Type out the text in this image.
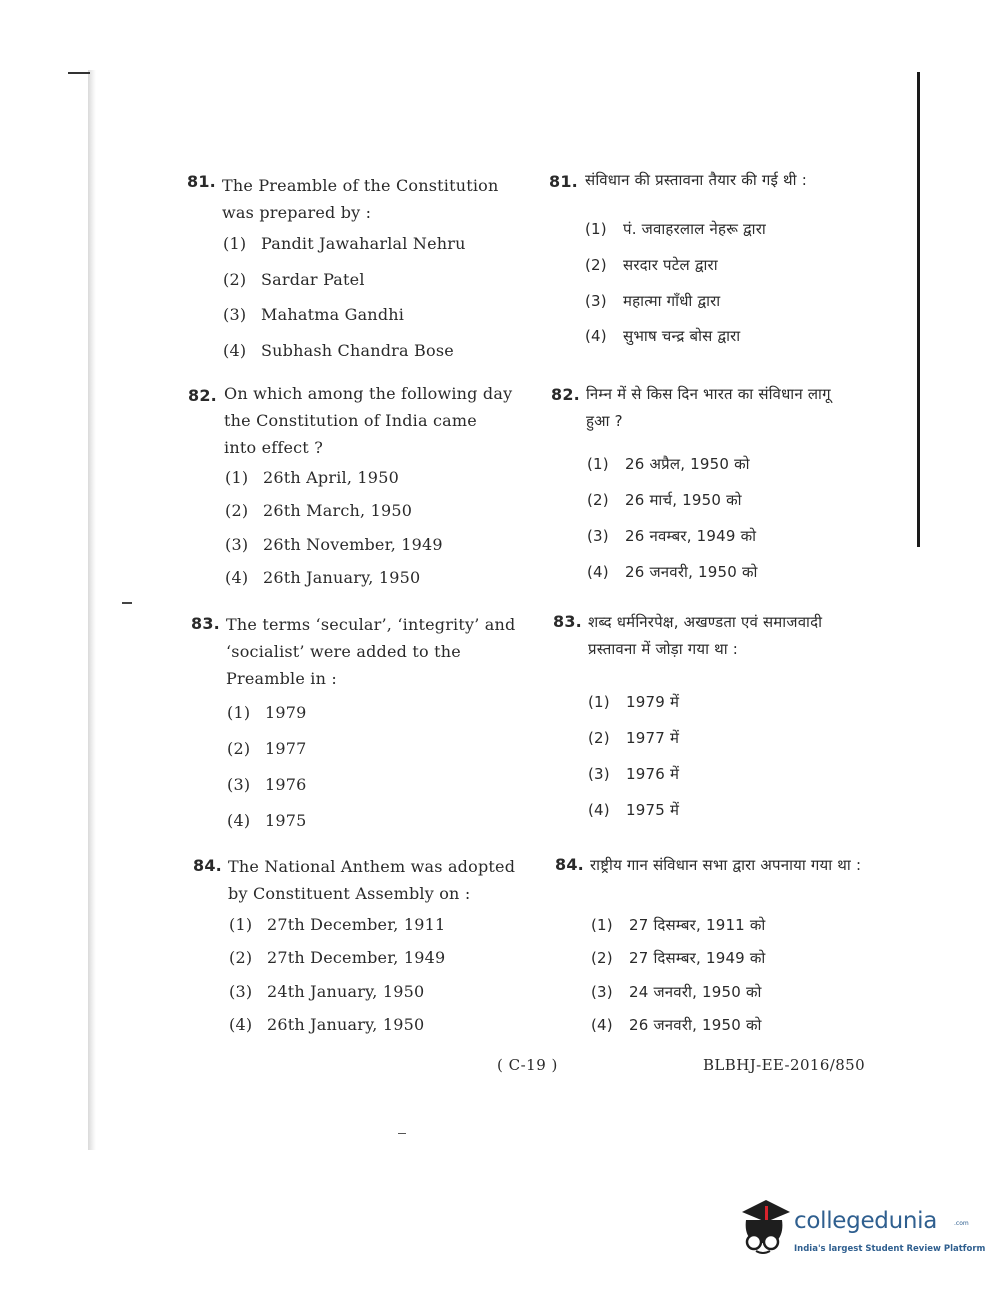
81. The Preamble of the Constitution was prepared by :
(1) Pandit Jawaharlal Nehru
(2) Sardar Patel
(3) Mahatma Gandhi
(4) Subhash Chandra Bose
81. संविधान की प्रस्तावना तैयार की गई थी :
(1) पं. जवाहरलाल नेहरू द्वारा
(2) सरदार पटेल द्वारा
(3) महात्मा गाँधी द्वारा
(4) सुभाष चन्द्र बोस द्वारा
82. On which among the following day the Constitution of India came into effect ?
(1) 26th April, 1950
(2) 26th March, 1950
(3) 26th November, 1949
(4) 26th January, 1950
82. निम्न में से किस दिन भारत का संविधान लागू हुआ ?
(1) 26 अप्रैल, 1950 को
(2) 26 मार्च, 1950 को
(3) 26 नवम्बर, 1949 को
(4) 26 जनवरी, 1950 को
83. The terms ‘secular’, ‘integrity’ and ‘socialist’ were added to the Preamble in :
(1) 1979
(2) 1977
(3) 1976
(4) 1975
83. शब्द धर्मनिरपेक्ष, अखण्डता एवं समाजवादी प्रस्तावना में जोड़ा गया था :
(1) 1979 में
(2) 1977 में
(3) 1976 में
(4) 1975 में
84. The National Anthem was adopted by Constituent Assembly on :
(1) 27th December, 1911
(2) 27th December, 1949
(3) 24th January, 1950
(4) 26th January, 1950
84. राष्ट्रीय गान संविधान सभा द्वारा अपनाया गया था :
(1) 27 दिसम्बर, 1911 को
(2) 27 दिसम्बर, 1949 को
(3) 24 जनवरी, 1950 को
(4) 26 जनवरी, 1950 को
( C-19 )	BLBHJ-EE-2016/850
collegedunia	.com
India's largest Student Review Platform
